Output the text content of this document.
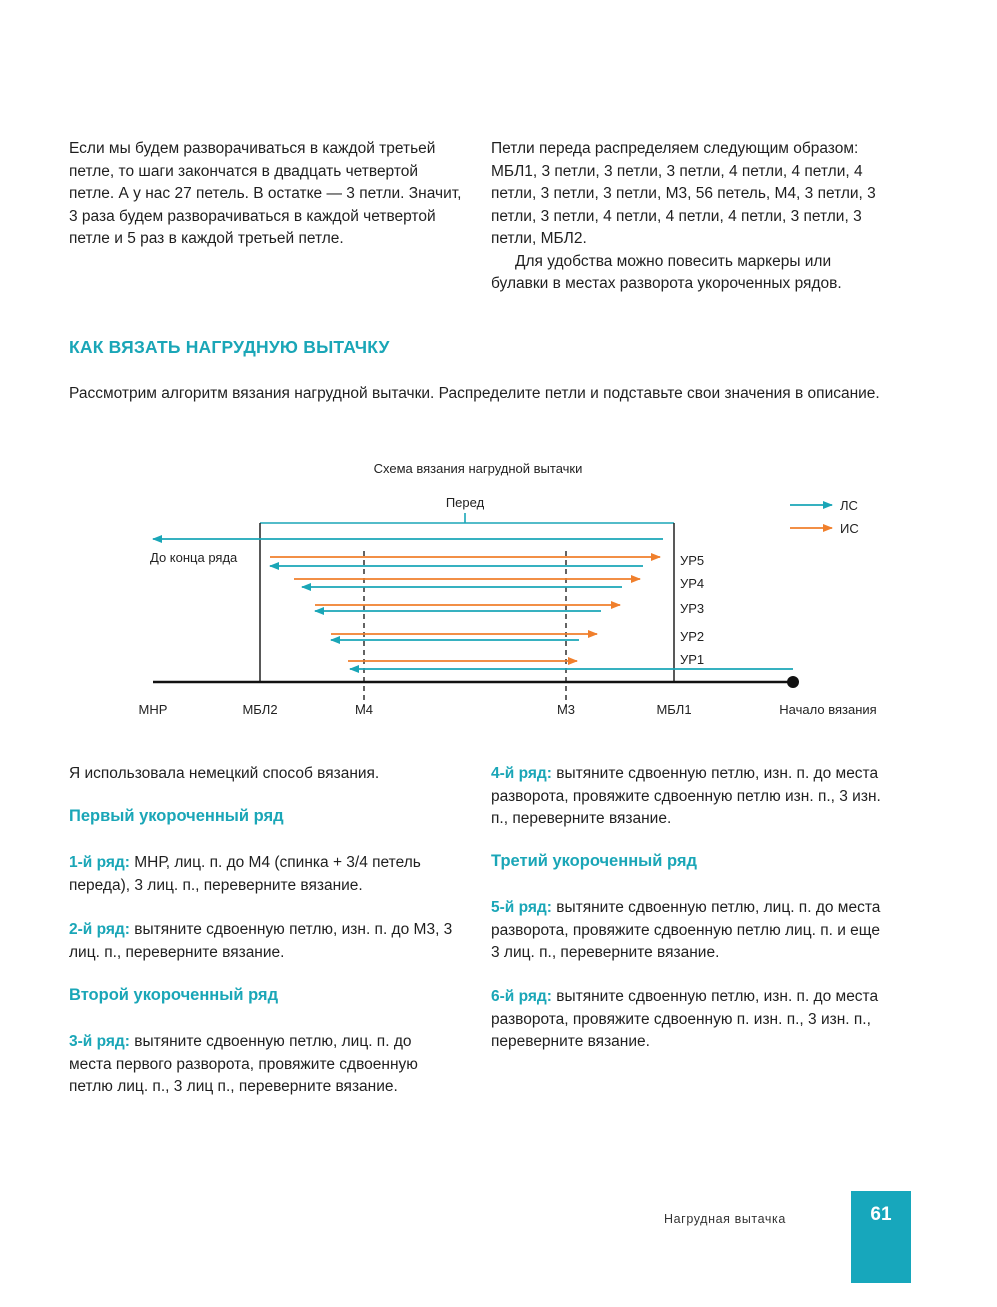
Если мы будем разворачиваться в каждой третьей петле, то шаги закончатся в двадцать четвертой петле. А у нас 27 петель. В остатке — 3 петли. Значит, 3 раза будем разворачиваться в каждой четвертой петле и 5 раз в каждой третьей петле.

Петли переда распределяем следующим образом: МБЛ1, 3 петли, 3 петли, 3 петли, 4 петли, 4 петли, 4 петли, 3 петли, 3 петли, М3, 56 петель, М4, 3 петли, 3 петли, 3 петли, 4 петли, 4 петли, 4 петли, 3 петли, 3 петли, МБЛ2.

Для удобства можно повесить маркеры или булавки в местах разворота укороченных рядов.

КАК ВЯЗАТЬ НАГРУДНУЮ ВЫТАЧКУ
Рассмотрим алгоритм вязания нагрудной вытачки. Распределите петли и подставьте свои значения в описание.
Схема вязания нагрудной вытачки
Перед
До конца ряда	УР5
УР4
УР3
УР2
УР1
ЛС
ИС
МНР	МБЛ2	М4	М3	МБЛ1	Начало вязания
Я использовала немецкий способ вязания.
Первый укороченный ряд
1-й ряд: МНР, лиц. п. до М4 (спинка + 3/4 петель переда), 3 лиц. п., переверните вязание.
2-й ряд: вытяните сдвоенную петлю, изн. п. до М3, 3 лиц. п., переверните вязание.
Второй укороченный ряд
3-й ряд: вытяните сдвоенную петлю, лиц. п. до места первого разворота, провяжите сдвоенную петлю лиц. п., 3 лиц п., переверните вязание.
4-й ряд: вытяните сдвоенную петлю, изн. п. до места разворота, провяжите сдвоенную петлю изн. п., 3 изн. п., переверните вязание.
Третий укороченный ряд
5-й ряд: вытяните сдвоенную петлю, лиц. п. до места разворота, провяжите сдвоенную петлю лиц. п. и еще 3 лиц. п., переверните вязание.
6-й ряд: вытяните сдвоенную петлю, изн. п. до места разворота, провяжите сдвоенную п. изн. п., 3 изн. п., переверните вязание.
Нагрудная вытачка	61
